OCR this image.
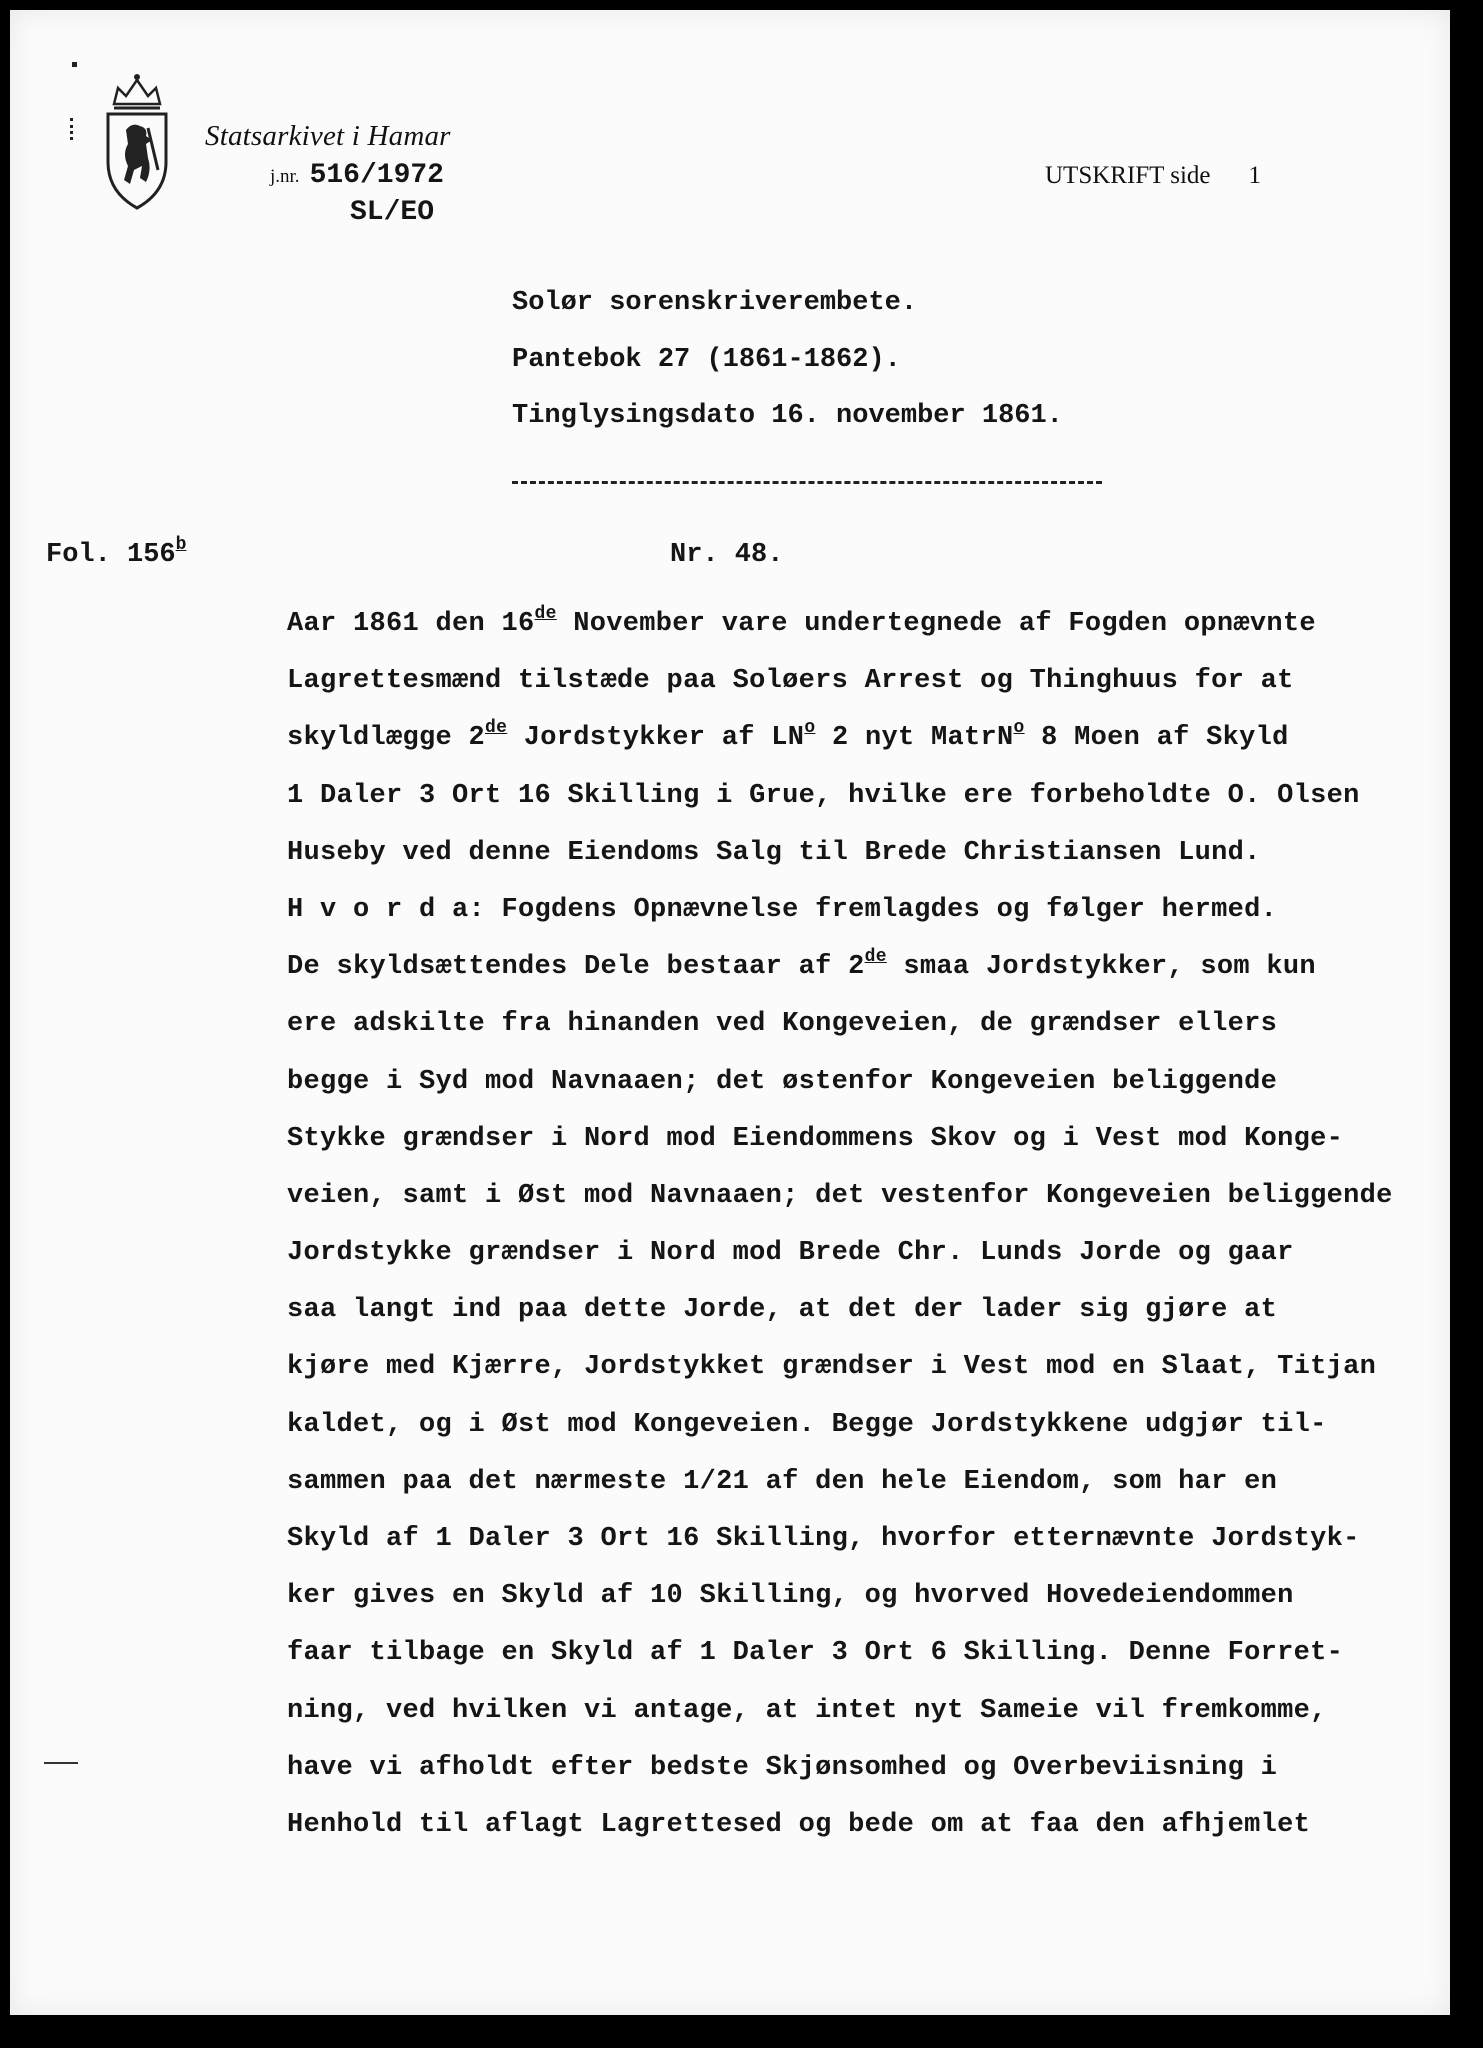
Statsarkivet i Hamar
j.nr. 516/1972
SL/EO
UTSKRIFT side 1
Solør sorenskriverembete.
Pantebok 27 (1861-1862).
Tinglysingsdato 16. november 1861.
Fol. 156$^b$	Nr. 48.
Aar 1861 den 16de November vare undertegnede af Fogden opnævnte
Lagrettesmænd tilstæde paa Soløers Arrest og Thinghuus for at
skyldlægge 2de Jordstykker af $LN^o$ 2 nyt MatrN$^o$ 8 Moen af Skyld
1 Daler 3 Ort 16 Skilling i Grue, hvilke ere forbeholdte O. Olsen
Huseby ved denne Eiendoms Salg til Brede Christiansen Lund.
H v o r d a: Fogdens Opnævnelse fremlagdes og følger hermed.
De skyldsættendes Dele bestaar af 2de smaa Jordstykker, som kun
ere adskilte fra hinanden ved Kongeveien, de grændser ellers
begge i Syd mod Navnaaen; det østenfor Kongeveien beliggende
Stykke grændser i Nord mod Eiendommens Skov og i Vest mod Konge-
veien, samt i Øst mod Navnaaen; det vestenfor Kongeveien beliggende
Jordstykke grændser i Nord mod Brede Chr. Lunds Jorde og gaar
saa langt ind paa dette Jorde, at det der lader sig gjøre at
kjøre med Kjærre, Jordstykket grændser i Vest mod en Slaat, Titjan
kaldet, og i Øst mod Kongeveien. Begge Jordstykkene udgjør til-
sammen paa det nærmeste 1/21 af den hele Eiendom, som har en
Skyld af 1 Daler 3 Ort 16 Skilling, hvorfor etternævnte Jordstyk-
ker gives en Skyld af 10 Skilling, og hvorved Hovedeiendommen
faar tilbage en Skyld af 1 Daler 3 Ort 6 Skilling. Denne Forret-
ning, ved hvilken vi antage, at intet nyt Sameie vil fremkomme,
have vi afholdt efter bedste Skjønsomhed og Overbeviisning i
Henhold til aflagt Lagrettesed og bede om at faa den afhjemlet
